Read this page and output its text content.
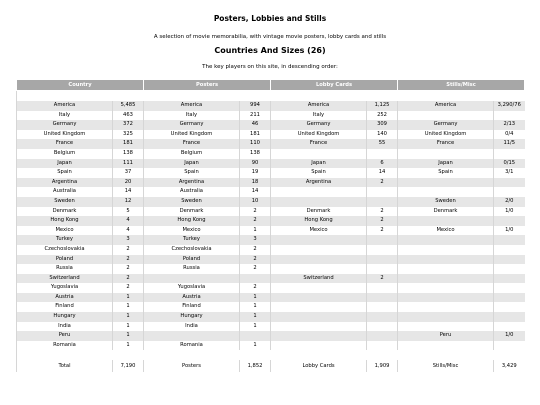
Posters, Lobbies and Stills
A selection of movie memorabilia, with vintage movie posters, lobby cards and stills
Countries And Sizes (26)
The key players on this site, in descending order:
Country		Posters		Lobby Cards		Stills/Misc	

America	5,485	America	994	America	1,125	America	3,290/76
Italy	463	Italy	211	Italy	252		
Germany	372	Germany	46	Germany	309	Germany	2/13
United Kingdom	325	United Kingdom	181	United Kingdom	140	United Kingdom	0/4
France	181	France	110	France	55	France	11/5
Belgium	138	Belgium	138				
Japan	111	Japan	90	Japan	6	Japan	0/15
Spain	37	Spain	19	Spain	14	Spain	3/1
Argentina	20	Argentina	18	Argentina	2		
Australia	14	Australia	14				
Sweden	12	Sweden	10			Sweden	2/0
Denmark	5	Denmark	2	Denmark	2	Denmark	1/0
Hong Kong	4	Hong Kong	2	Hong Kong	2		
Mexico	4	Mexico	1	Mexico	2	Mexico	1/0
Turkey	3	Turkey	3				
Czechoslovakia	2	Czechoslovakia	2				
Poland	2	Poland	2				
Russia	2	Russia	2				
Switzerland	2			Switzerland	2		
Yugoslavia	2	Yugoslavia	2				
Austria	1	Austria	1				
Finland	1	Finland	1				
Hungary	1	Hungary	1				
India	1	India	1				
Peru	1					Peru	1/0
Romania	1	Romania	1				

Total	7,190	Posters	1,852	Lobby Cards	1,909	Stills/Misc	3,429
